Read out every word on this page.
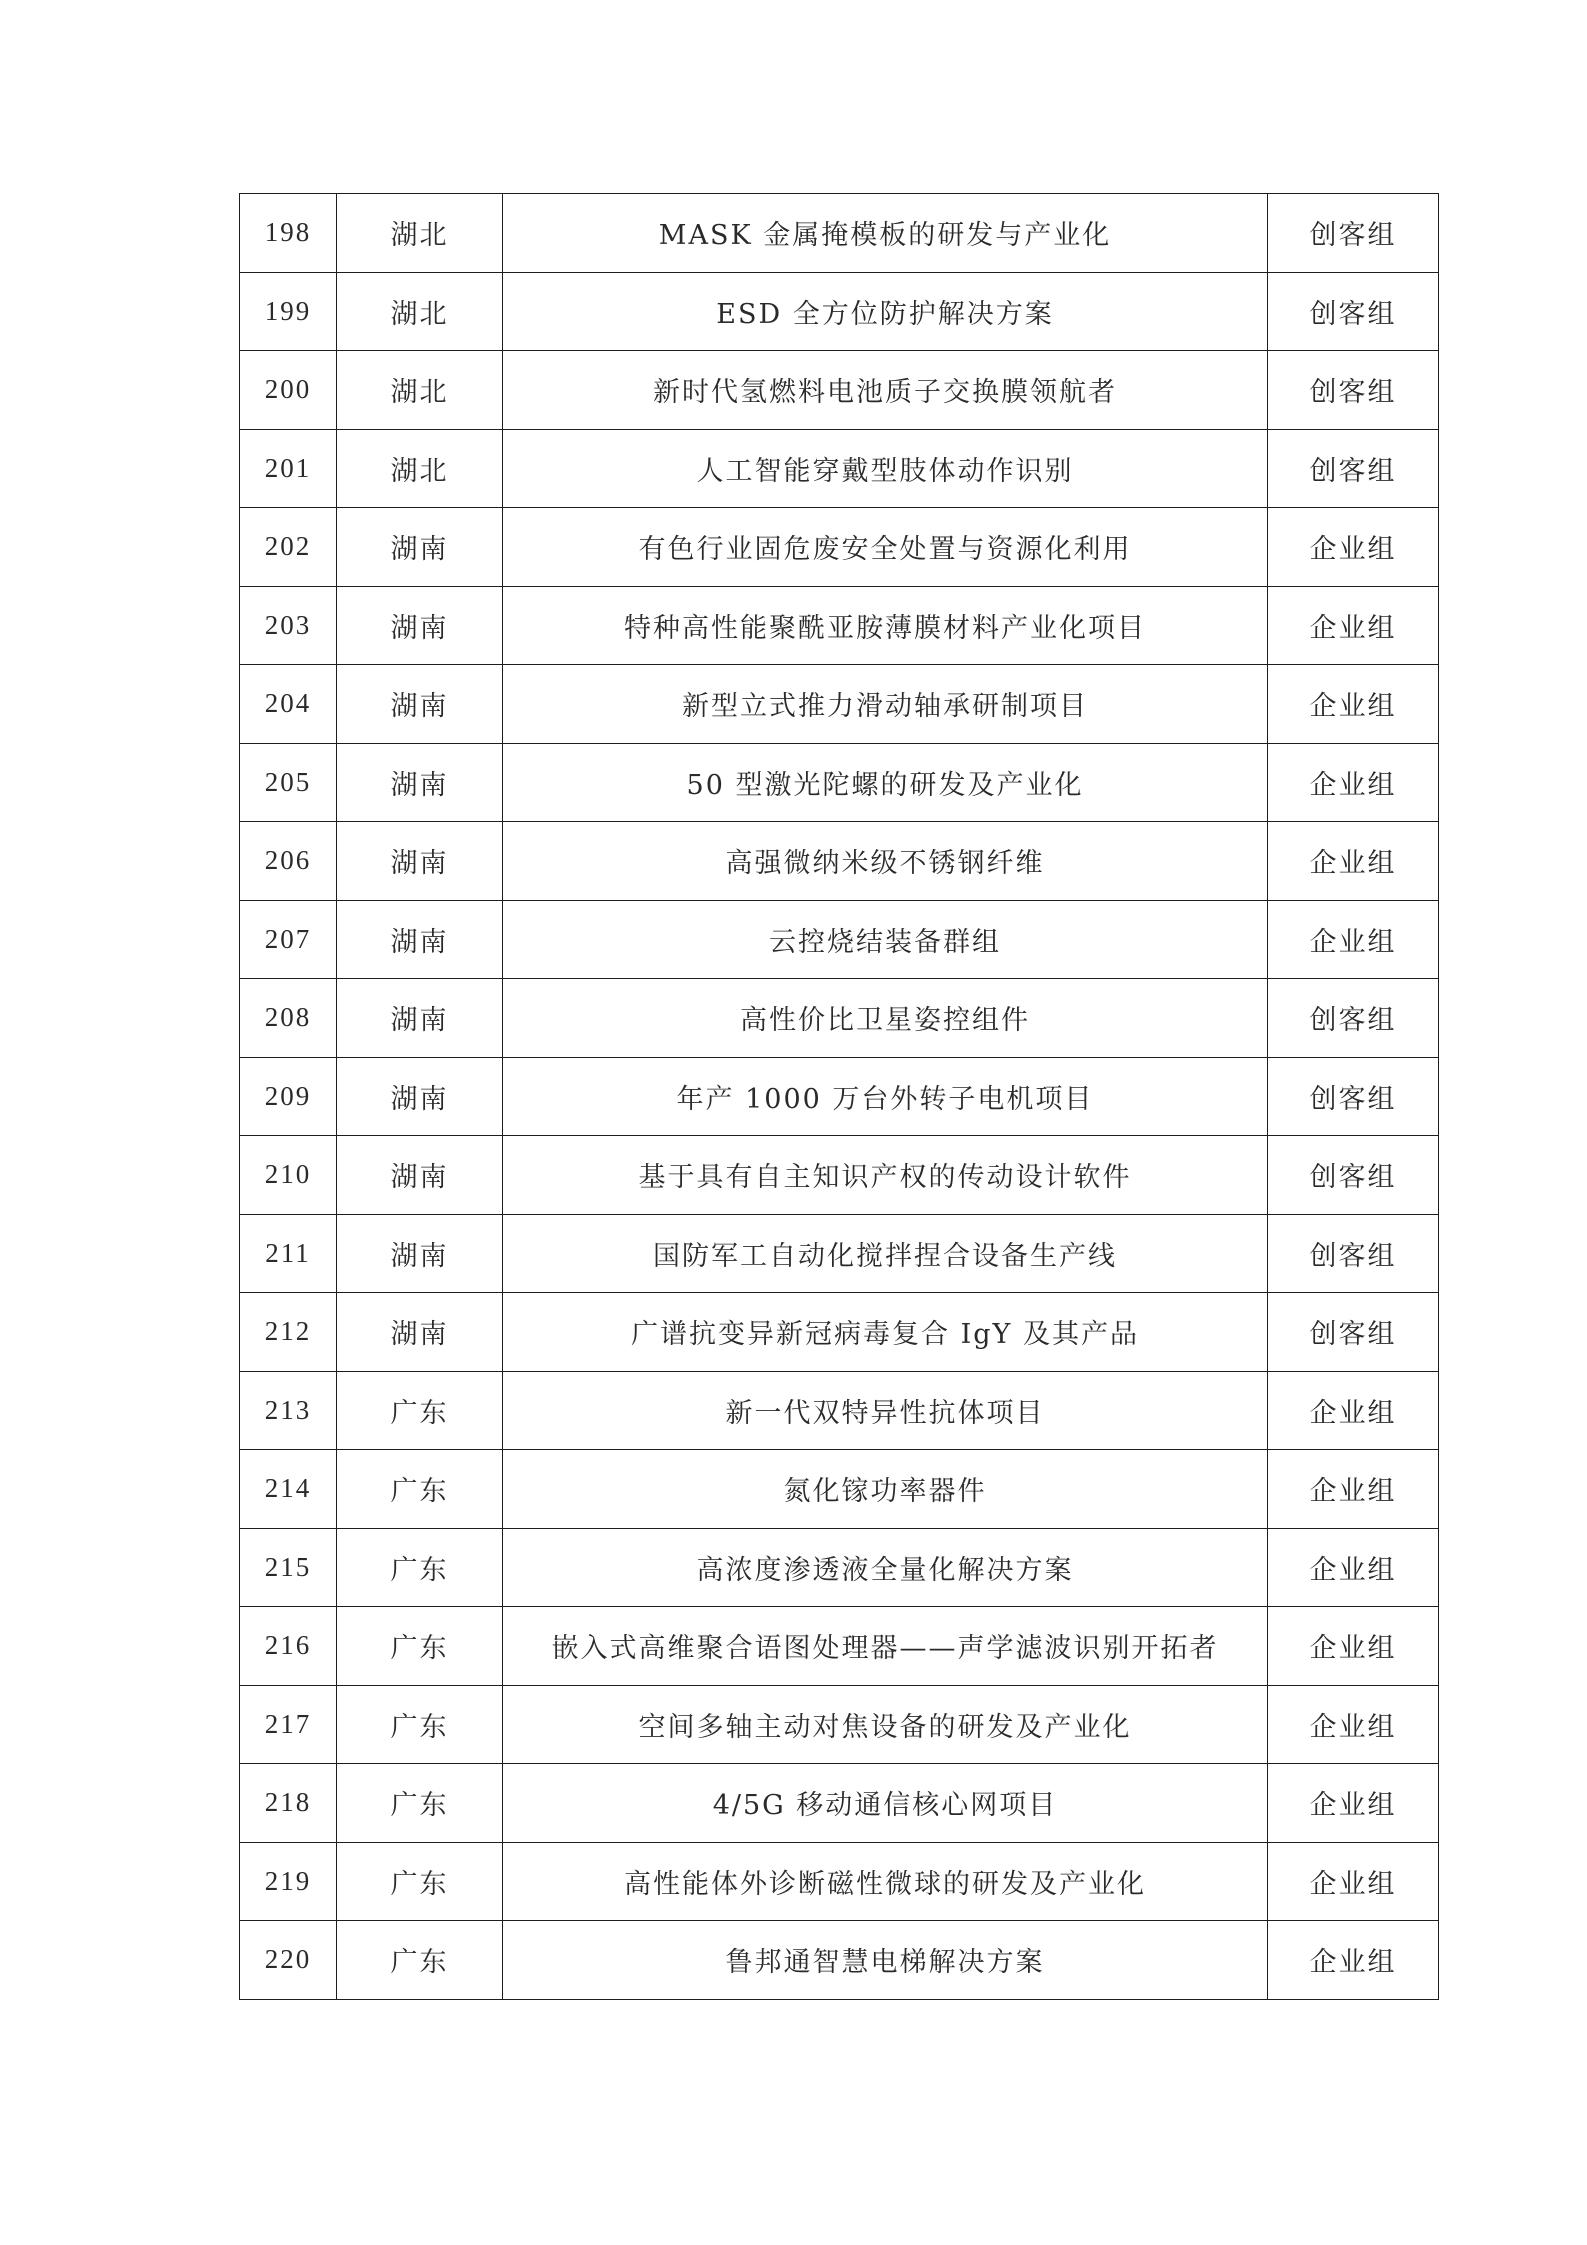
198	湖北	MASK 金属掩模板的研发与产业化	创客组
199	湖北	ESD 全方位防护解决方案	创客组
200	湖北	新时代氢燃料电池质子交换膜领航者	创客组
201	湖北	人工智能穿戴型肢体动作识别	创客组
202	湖南	有色行业固危废安全处置与资源化利用	企业组
203	湖南	特种高性能聚酰亚胺薄膜材料产业化项目	企业组
204	湖南	新型立式推力滑动轴承研制项目	企业组
205	湖南	50 型激光陀螺的研发及产业化	企业组
206	湖南	高强微纳米级不锈钢纤维	企业组
207	湖南	云控烧结装备群组	企业组
208	湖南	高性价比卫星姿控组件	创客组
209	湖南	年产 1000 万台外转子电机项目	创客组
210	湖南	基于具有自主知识产权的传动设计软件	创客组
211	湖南	国防军工自动化搅拌捏合设备生产线	创客组
212	湖南	广谱抗变异新冠病毒复合 IgY 及其产品	创客组
213	广东	新一代双特异性抗体项目	企业组
214	广东	氮化镓功率器件	企业组
215	广东	高浓度渗透液全量化解决方案	企业组
216	广东	嵌入式高维聚合语图处理器——声学滤波识别开拓者	企业组
217	广东	空间多轴主动对焦设备的研发及产业化	企业组
218	广东	4/5G 移动通信核心网项目	企业组
219	广东	高性能体外诊断磁性微球的研发及产业化	企业组
220	广东	鲁邦通智慧电梯解决方案	企业组
